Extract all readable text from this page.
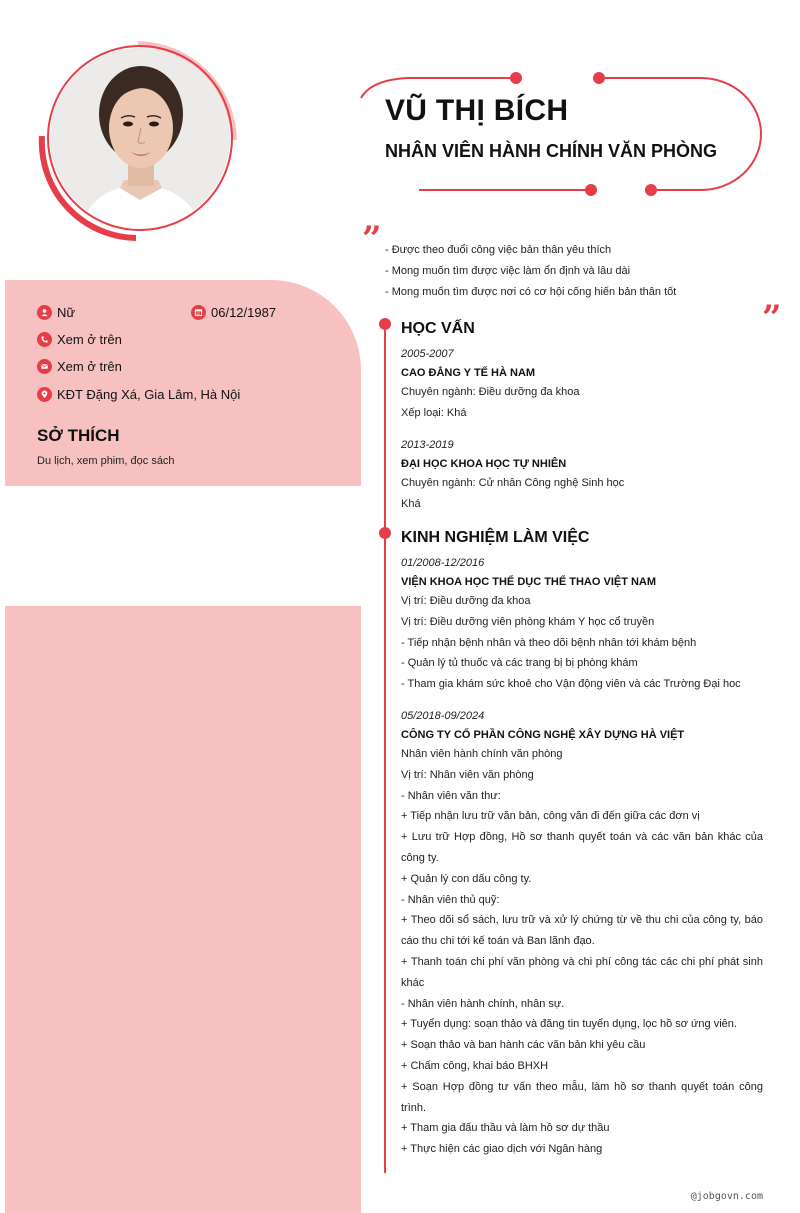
VŨ THỊ BÍCH
NHÂN VIÊN HÀNH CHÍNH VĂN PHÒNG
” - Được theo đuổi công việc bản thân yêu thích
- Mong muốn tìm được việc làm ổn định và lâu dài
- Mong muốn tìm được nơi có cơ hội cống hiến bản thân tốt
”
Nữ	06/12/1987
Xem ở trên
Xem ở trên
KĐT Đặng Xá, Gia Lâm, Hà Nội
SỞ THÍCH
Du lịch, xem phim, đọc sách
HỌC VẤN
2005-2007
CAO ĐẲNG Y TẾ HÀ NAM
Chuyên ngành: Điều dưỡng đa khoa
Xếp loại: Khá
2013-2019
ĐẠI HỌC KHOA HỌC TỰ NHIÊN
Chuyên ngành: Cử nhân Công nghệ Sinh học
Khá
KINH NGHIỆM LÀM VIỆC
01/2008-12/2016
VIỆN KHOA HỌC THỂ DỤC THỂ THAO VIỆT NAM
Vị trí: Điều dưỡng đa khoa
Vị trí: Điều dưỡng viên phòng khám Y học cổ truyền
- Tiếp nhận bệnh nhân và theo dõi bệnh nhân tới khám bệnh
- Quản lý tủ thuốc và các trang bị bị phòng khám
- Tham gia khám sức khoẻ cho Vận động viên và các Trường Đại hoc
05/2018-09/2024
CÔNG TY CỔ PHẦN CÔNG NGHỆ XÂY DỰNG HÀ VIỆT
Nhân viên hành chính văn phòng
Vị trí: Nhân viên văn phòng
- Nhân viên văn thư:
+ Tiếp nhận lưu trữ văn bản, công văn đi đến giữa các đơn vị
+ Lưu trữ Hợp đồng, Hồ sơ thanh quyết toán và các văn bản khác của công ty.
+ Quản lý con dấu công ty.
- Nhân viên thủ quỹ:
+ Theo dõi sổ sách, lưu trữ và xử lý chứng từ về thu chi của công ty, báo cáo thu chi tới kế toán và Ban lãnh đạo.
+ Thanh toán chi phí văn phòng và chi phí công tác các chi phí phát sinh khác
- Nhân viên hành chính, nhân sự.
+ Tuyển dụng: soạn thảo và đăng tin tuyển dụng, lọc hồ sơ ứng viên.
+ Soạn thảo và ban hành các văn bản khi yêu cầu
+ Chấm công, khai báo BHXH
+ Soạn Hợp đồng tư vấn theo mẫu, làm hồ sơ thanh quyết toán công trình.
+ Tham gia đấu thầu và làm hồ sơ dự thầu
+ Thực hiện các giao dịch với Ngân hàng
@jobgovn.com
